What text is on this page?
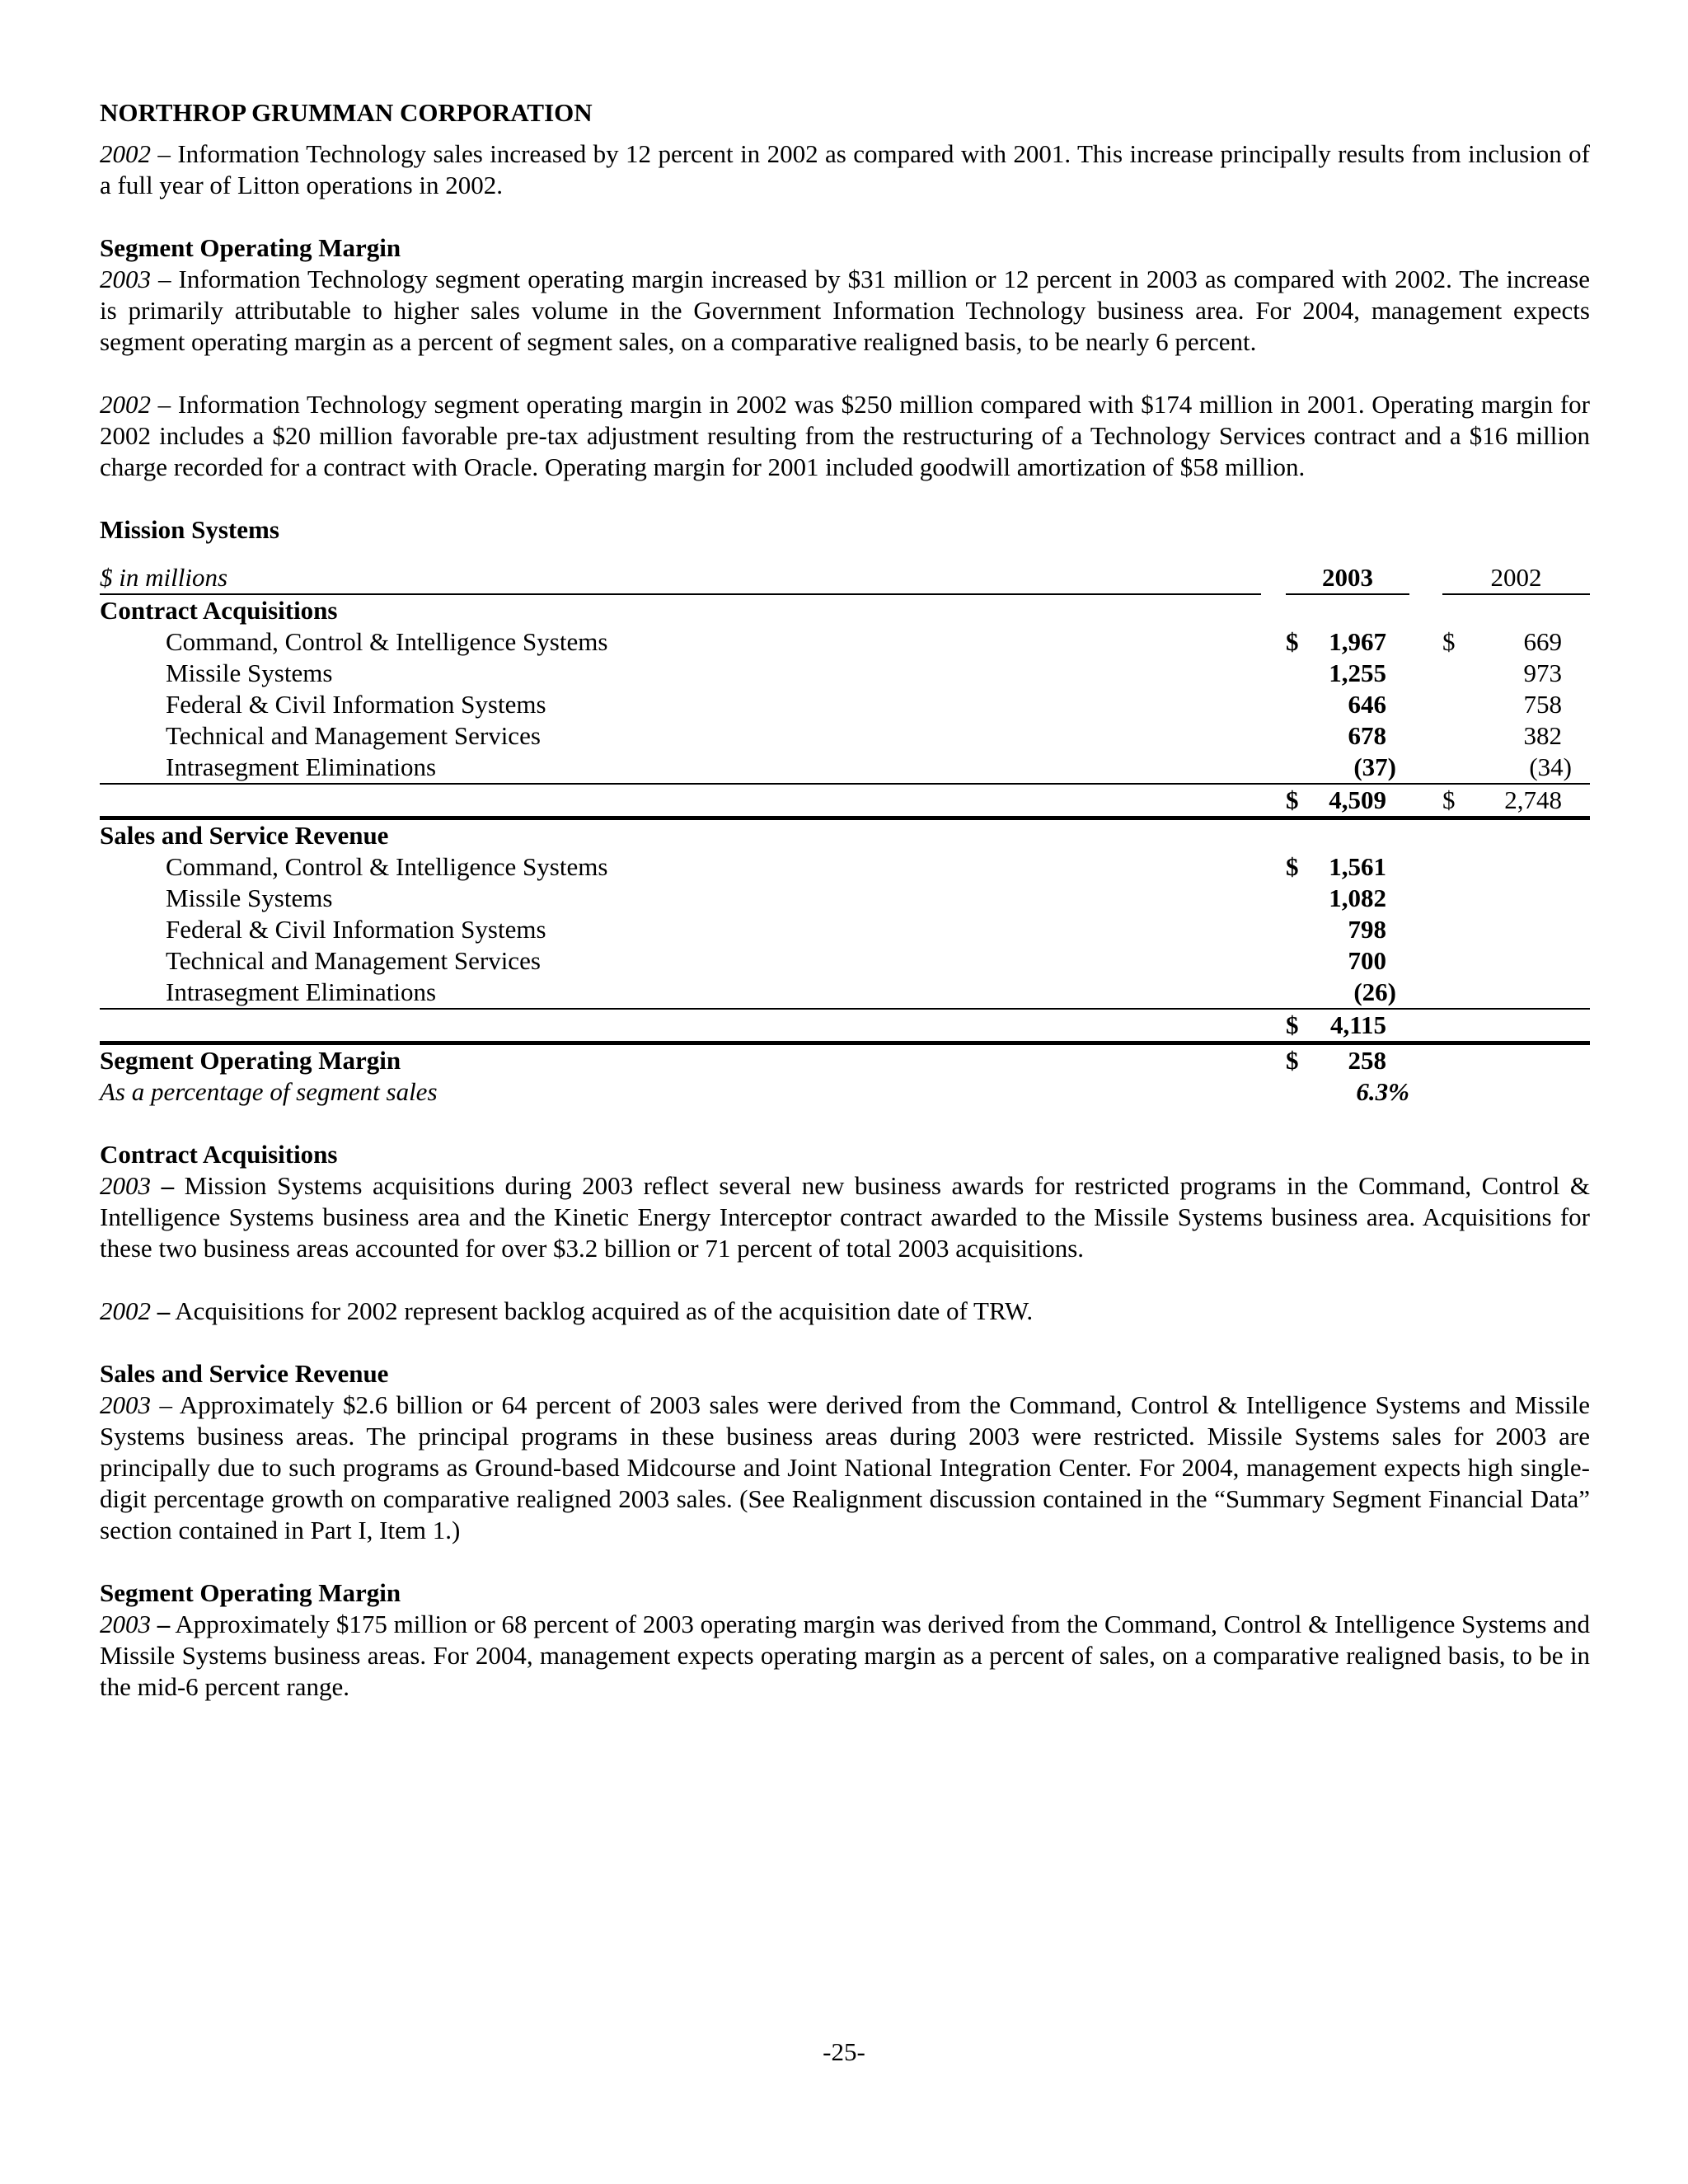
NORTHROP GRUMMAN CORPORATION

2002 – Information Technology sales increased by 12 percent in 2002 as compared with 2001. This increase principally results from inclusion of a full year of Litton operations in 2002.

Segment Operating Margin

2003 – Information Technology segment operating margin increased by $31 million or 12 percent in 2003 as compared with 2002. The increase is primarily attributable to higher sales volume in the Government Information Technology business area. For 2004, management expects segment operating margin as a percent of segment sales, on a comparative realigned basis, to be nearly 6 percent.

2002 – Information Technology segment operating margin in 2002 was $250 million compared with $174 million in 2001. Operating margin for 2002 includes a $20 million favorable pre-tax adjustment resulting from the restructuring of a Technology Services contract and a $16 million charge recorded for a contract with Oracle. Operating margin for 2001 included goodwill amortization of $58 million.

Mission Systems
$ in millions		2003			2002	
Contract Acquisitions						
Command, Control & Intelligence Systems		$	1,967		$	669
Missile Systems			1,255			973
Federal & Civil Information Systems			646			758
Technical and Management Services			678			382
Intrasegment Eliminations			(37)			(34)
		$	4,509		$	2,748
Sales and Service Revenue						
Command, Control & Intelligence Systems		$	1,561			
Missile Systems			1,082			
Federal & Civil Information Systems			798			
Technical and Management Services			700			
Intrasegment Eliminations			(26)			
		$	4,115			
Segment Operating Margin		$	258			
As a percentage of segment sales			6.3%			
Contract Acquisitions

2003 – Mission Systems acquisitions during 2003 reflect several new business awards for restricted programs in the Command, Control & Intelligence Systems business area and the Kinetic Energy Interceptor contract awarded to the Missile Systems business area. Acquisitions for these two business areas accounted for over $3.2 billion or 71 percent of total 2003 acquisitions.

2002 – Acquisitions for 2002 represent backlog acquired as of the acquisition date of TRW.

Sales and Service Revenue

2003 – Approximately $2.6 billion or 64 percent of 2003 sales were derived from the Command, Control & Intelligence Systems and Missile Systems business areas. The principal programs in these business areas during 2003 were restricted. Missile Systems sales for 2003 are principally due to such programs as Ground-based Midcourse and Joint National Integration Center. For 2004, management expects high single-digit percentage growth on comparative realigned 2003 sales. (See Realignment discussion contained in the “Summary Segment Financial Data” section contained in Part I, Item 1.)

Segment Operating Margin

2003 – Approximately $175 million or 68 percent of 2003 operating margin was derived from the Command, Control & Intelligence Systems and Missile Systems business areas. For 2004, management expects operating margin as a percent of sales, on a comparative realigned basis, to be in the mid-6 percent range.

-25-
